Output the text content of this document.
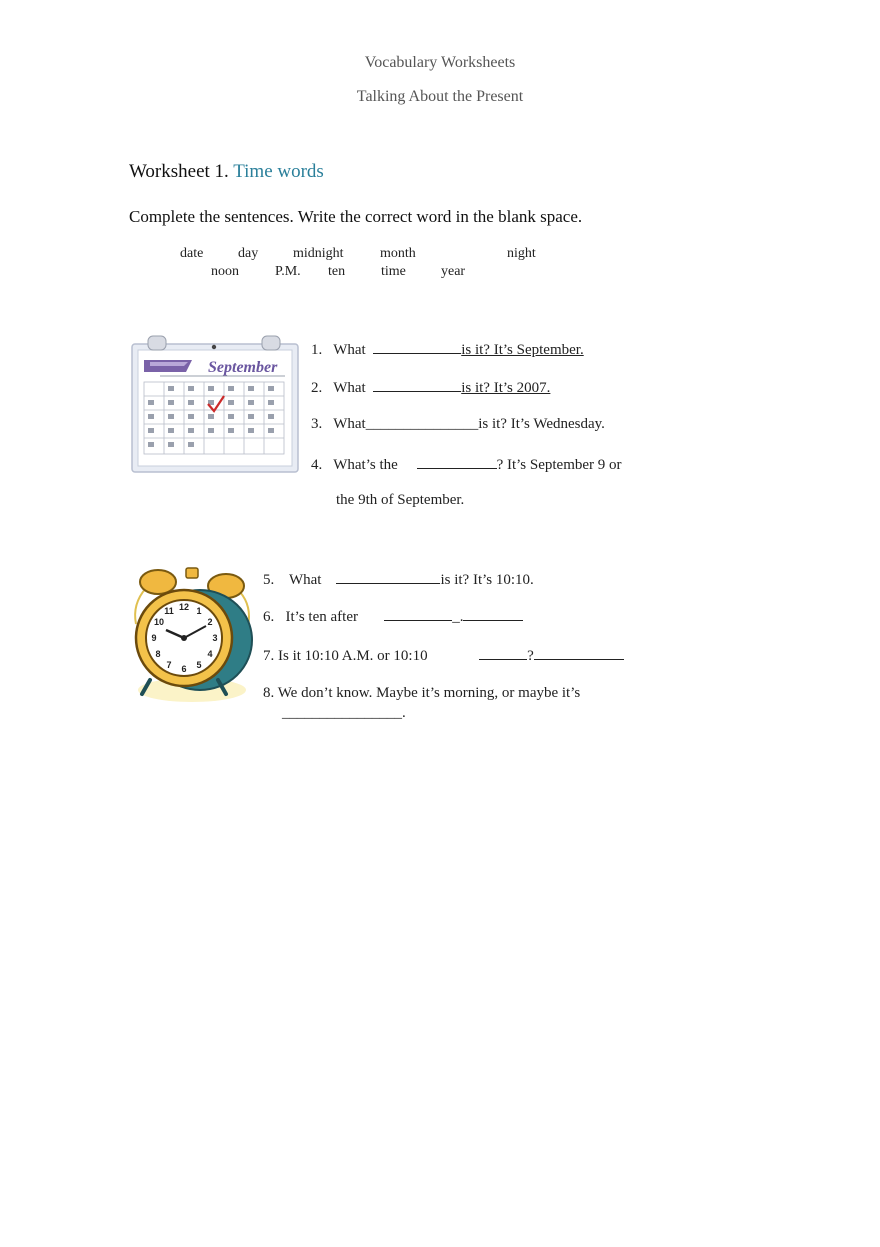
Vocabulary Worksheets
Talking About the Present
Worksheet 1. Time words
Complete the sentences. Write the correct word in the blank space.
date day midnight	month	night
noon	P.M. ten	time	year
September
1. What	is it? It’s September.
2. What	is it? It’s 2007.
3. What_______________is it? It’s Wednesday.
4. What’s the	? It’s September 9 or
the 9th of September.
12 1
2
3
4
5
6
7
8
9
10
11
5. What	is it? It’s 10:10.
6. It’s ten after	_.
7. Is it 10:10 A.M. or 10:10	?
8. We don’t know. Maybe it’s morning, or maybe it’s
________________.
